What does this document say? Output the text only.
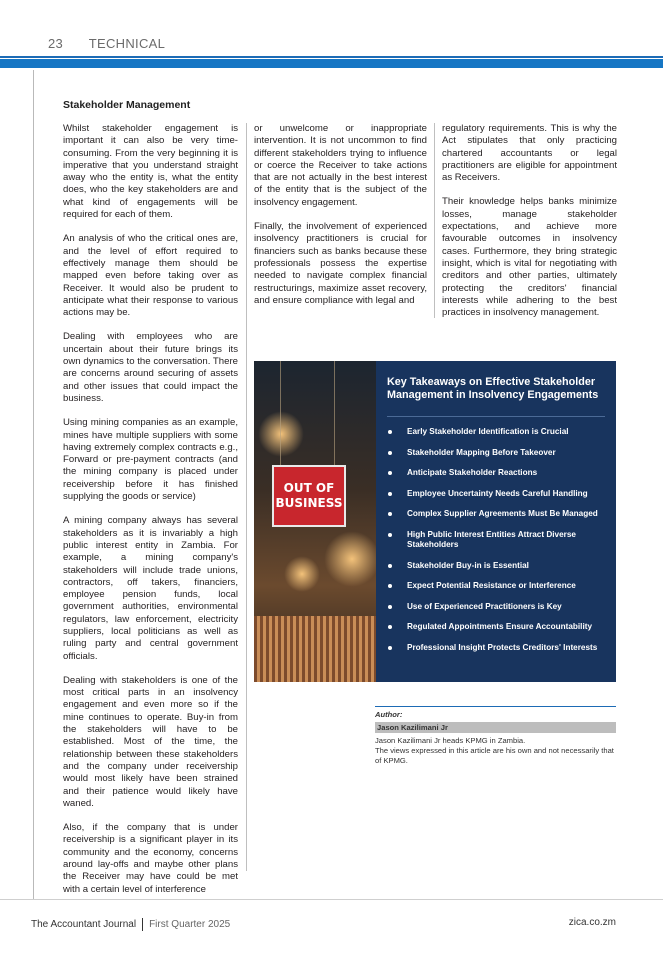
23 TECHNICAL
Stakeholder Management

Whilst stakeholder engagement is important it can also be very time-consuming. From the very beginning it is imperative that you understand straight away who the entity is, what the entity does, who the key stakeholders are and what kind of engagements will be required for each of them.

An analysis of who the critical ones are, and the level of effort required to effectively manage them should be mapped even before taking over as Receiver. It would also be prudent to anticipate what their response to various actions may be.

Dealing with employees who are uncertain about their future brings its own dynamics to the conversation. There are concerns around securing of assets and other issues that could impact the business.

Using mining companies as an example, mines have multiple suppliers with some having extremely complex contracts e.g., Forward or pre-payment contracts (and the mining company is placed under receivership before it has finished supplying the goods or service)

A mining company always has several stakeholders as it is invariably a high public interest entity in Zambia. For example, a mining company's stakeholders will include trade unions, contractors, off takers, financiers, employee pension funds, local government authorities, environmental regulators, law enforcement, electricity suppliers, local politicians as well as ruling party and central government officials.

Dealing with stakeholders is one of the most critical parts in an insolvency engagement and even more so if the mine continues to operate. Buy-in from the stakeholders will have to be established. Most of the time, the relationship between these stakeholders and the company under receivership would most likely have been strained and their patience would likely have waned.

Also, if the company that is under receivership is a significant player in its community and the economy, concerns around lay-offs and maybe other plans the Receiver may have could be met with a certain level of interference

or unwelcome or inappropriate intervention. It is not uncommon to find different stakeholders trying to influence or coerce the Receiver to take actions that are not actually in the best interest of the entity that is the subject of the insolvency engagement.

Finally, the involvement of experienced insolvency practitioners is crucial for financiers such as banks because these professionals possess the expertise needed to navigate complex financial restructurings, maximize asset recovery, and ensure compliance with legal and

regulatory requirements. This is why the Act stipulates that only practicing chartered accountants or legal practitioners are eligible for appointment as Receivers.

Their knowledge helps banks minimize losses, manage stakeholder expectations, and achieve more favourable outcomes in insolvency cases. Furthermore, they bring strategic insight, which is vital for negotiating with creditors and other parties, ultimately protecting the creditors' financial interests while adhering to the best practices in insolvency management.

OUT OF
BUSINESS
Key Takeaways on Effective Stakeholder Management in Insolvency Engagements
Early Stakeholder Identification is Crucial
Stakeholder Mapping Before Takeover
Anticipate Stakeholder Reactions
Employee Uncertainty Needs Careful Handling
Complex Supplier Agreements Must Be Managed
High Public Interest Entities Attract Diverse Stakeholders
Stakeholder Buy-in is Essential
Expect Potential Resistance or Interference
Use of Experienced Practitioners is Key
Regulated Appointments Ensure Accountability
Professional Insight Protects Creditors' Interests
Author:
Jason Kazilimani Jr
Jason Kazilimani Jr heads KPMG in Zambia.
The views expressed in this article are his own and not necessarily that of KPMG.
The Accountant Journal First Quarter 2025	zica.co.zm
